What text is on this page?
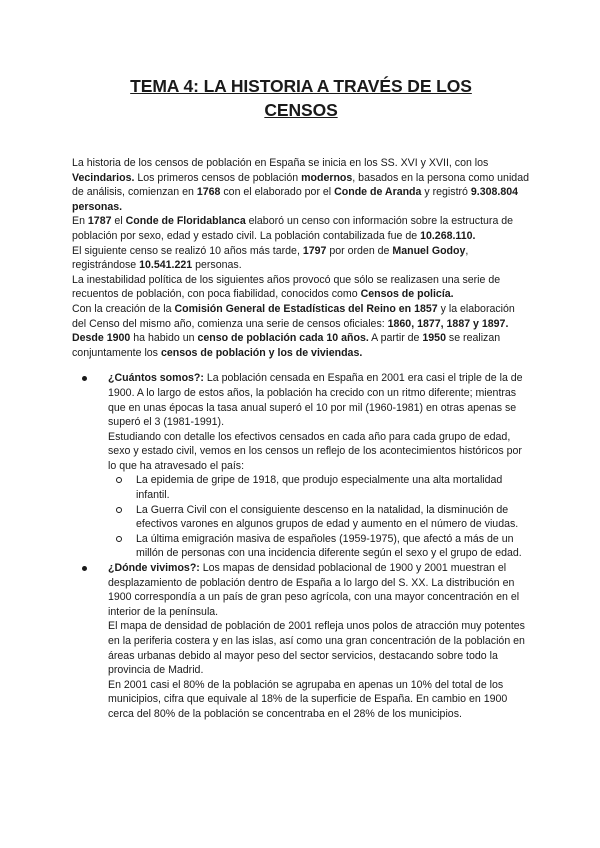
TEMA 4: LA HISTORIA A TRAVÉS DE LOS
CENSOS

La historia de los censos de población en España se inicia en los SS. XVI y XVII, con los Vecindarios. Los primeros censos de población modernos, basados en la persona como unidad de análisis, comienzan en 1768 con el elaborado por el Conde de Aranda y registró 9.308.804 personas.

En 1787 el Conde de Floridablanca elaboró un censo con información sobre la estructura de población por sexo, edad y estado civil. La población contabilizada fue de 10.268.110.

El siguiente censo se realizó 10 años más tarde, 1797 por orden de Manuel Godoy, registrándose 10.541.221 personas.

La inestabilidad política de los siguientes años provocó que sólo se realizasen una serie de recuentos de población, con poca fiabilidad, conocidos como Censos de policía.

Con la creación de la Comisión General de Estadísticas del Reino en 1857 y la elaboración del Censo del mismo año, comienza una serie de censos oficiales: 1860, 1877, 1887 y 1897.

Desde 1900 ha habido un censo de población cada 10 años. A partir de 1950 se realizan conjuntamente los censos de población y los de viviendas.

¿Cuántos somos?: La población censada en España en 2001 era casi el triple de la de 1900. A lo largo de estos años, la población ha crecido con un ritmo diferente; mientras que en unas épocas la tasa anual superó el 10 por mil (1960-1981) en otras apenas se superó el 3 (1981-1991).

Estudiando con detalle los efectivos censados en cada año para cada grupo de edad, sexo y estado civil, vemos en los censos un reflejo de los acontecimientos históricos por lo que ha atravesado el país:

La epidemia de gripe de 1918, que produjo especialmente una alta mortalidad infantil.
La Guerra Civil con el consiguiente descenso en la natalidad, la disminución de efectivos varones en algunos grupos de edad y aumento en el número de viudas.
La última emigración masiva de españoles (1959-1975), que afectó a más de un millón de personas con una incidencia diferente según el sexo y el grupo de edad.

¿Dónde vivimos?: Los mapas de densidad poblacional de 1900 y 2001 muestran el desplazamiento de población dentro de España a lo largo del S. XX. La distribución en 1900 correspondía a un país de gran peso agrícola, con una mayor concentración en el interior de la península.

El mapa de densidad de población de 2001 refleja unos polos de atracción muy potentes en la periferia costera y en las islas, así como una gran concentración de la población en áreas urbanas debido al mayor peso del sector servicios, destacando sobre todo la provincia de Madrid.

En 2001 casi el 80% de la población se agrupaba en apenas un 10% del total de los municipios, cifra que equivale al 18% de la superficie de España. En cambio en 1900 cerca del 80% de la población se concentraba en el 28% de los municipios.
